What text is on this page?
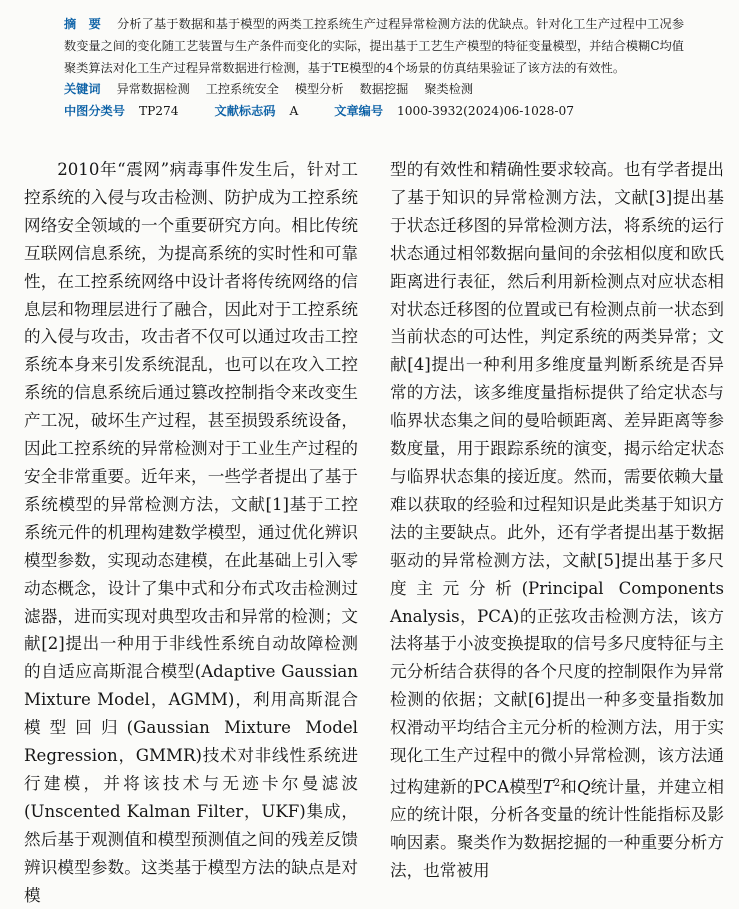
摘　要 分析了基于数据和基于模型的两类工控系统生产过程异常检测方法的优缺点。针对化工生产过程中工况参数变量之间的变化随工艺装置与生产条件而变化的实际，提出基于工艺生产模型的特征变量模型，并结合模糊C均值聚类算法对化工生产过程异常数据进行检测，基于TE模型的4个场景的仿真结果验证了该方法的有效性。
关键词 异常数据检测 工控系统安全 模型分析 数据挖掘 聚类检测
中图分类号 TP274	文献标志码 A	文章编号 1000-3932(2024)06-1028-07

2010年“震网”病毒事件发生后，针对工控系统的入侵与攻击检测、防护成为工控系统网络安全领域的一个重要研究方向。相比传统互联网信息系统，为提高系统的实时性和可靠性，在工控系统网络中设计者将传统网络的信息层和物理层进行了融合，因此对于工控系统的入侵与攻击，攻击者不仅可以通过攻击工控系统本身来引发系统混乱，也可以在攻入工控系统的信息系统后通过篡改控制指令来改变生产工况，破坏生产过程，甚至损毁系统设备，因此工控系统的异常检测对于工业生产过程的安全非常重要。近年来，一些学者提出了基于系统模型的异常检测方法，文献[1]基于工控系统元件的机理构建数学模型，通过优化辨识模型参数，实现动态建模，在此基础上引入零动态概念，设计了集中式和分布式攻击检测过滤器，进而实现对典型攻击和异常的检测；文献[2]提出一种用于非线性系统自动故障检测的自适应高斯混合模型(Adaptive Gaussian Mixture Model，AGMM)，利用高斯混合模型回归(Gaussian Mixture Model Regression，GMMR)技术对非线性系统进行建模，并将该技术与无迹卡尔曼滤波(Unscented Kalman Filter，UKF)集成，然后基于观测值和模型预测值之间的残差反馈辨识模型参数。这类基于模型方法的缺点是对模

型的有效性和精确性要求较高。也有学者提出了基于知识的异常检测方法，文献[3]提出基于状态迁移图的异常检测方法，将系统的运行状态通过相邻数据向量间的余弦相似度和欧氏距离进行表征，然后利用新检测点对应状态相对状态迁移图的位置或已有检测点前一状态到当前状态的可达性，判定系统的两类异常；文献[4]提出一种利用多维度量判断系统是否异常的方法，该多维度量指标提供了给定状态与临界状态集之间的曼哈顿距离、差异距离等参数度量，用于跟踪系统的演变，揭示给定状态与临界状态集的接近度。然而，需要依赖大量难以获取的经验和过程知识是此类基于知识方法的主要缺点。此外，还有学者提出基于数据驱动的异常检测方法，文献[5]提出基于多尺度主元分析(Principal Components Analysis，PCA)的正弦攻击检测方法，该方法将基于小波变换提取的信号多尺度特征与主元分析结合获得的各个尺度的控制限作为异常检测的依据；文献[6]提出一种多变量指数加权滑动平均结合主元分析的检测方法，用于实现化工生产过程中的微小异常检测，该方法通过构建新的PCA模型$T^2$和Q统计量，并建立相应的统计限，分析各变量的统计性能指标及影响因素。聚类作为数据挖掘的一种重要分析方法，也常被用
